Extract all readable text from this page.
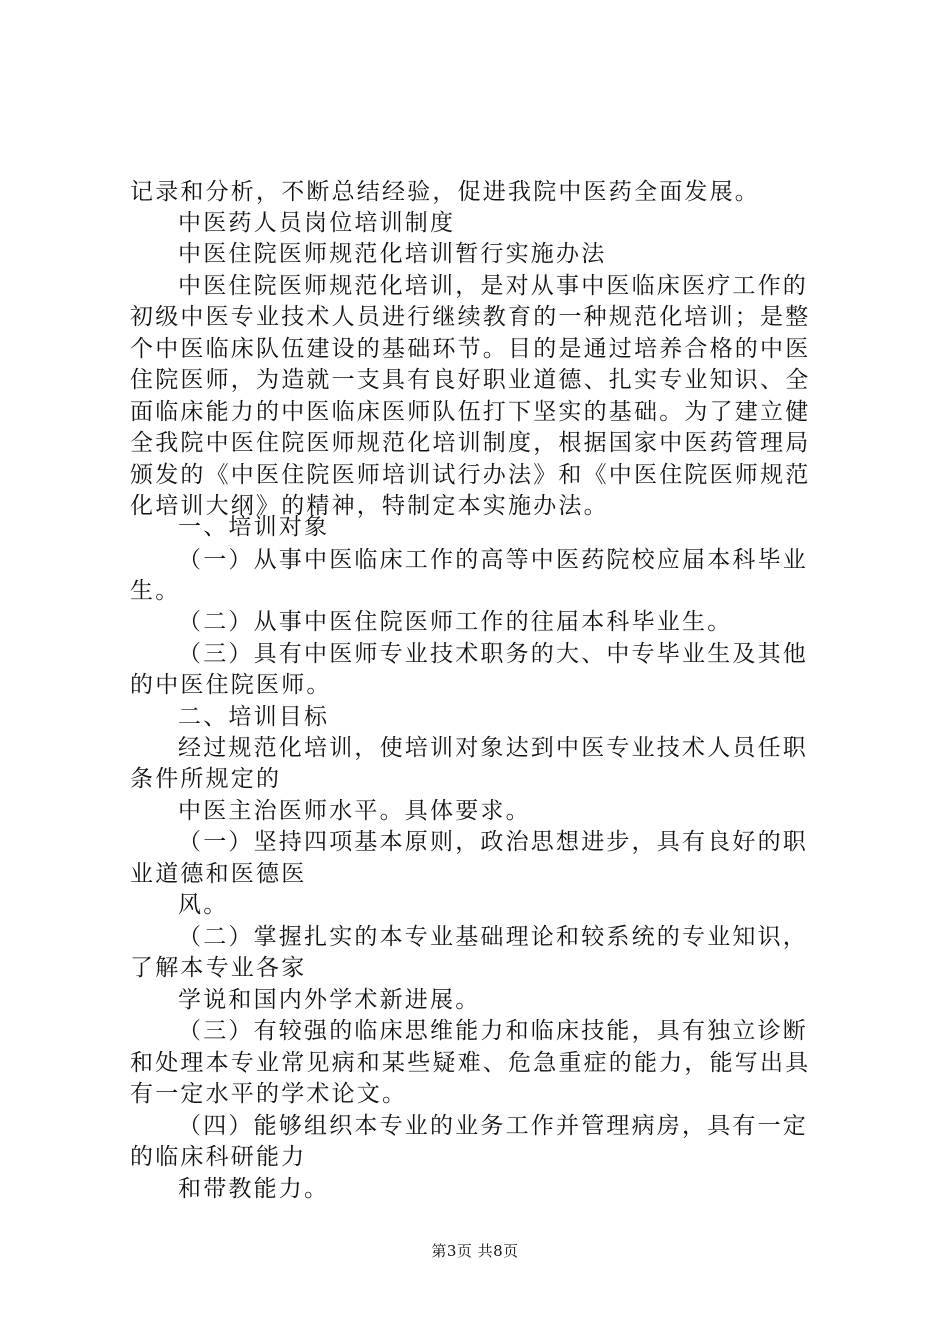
记录和分析，不断总结经验，促进我院中医药全面发展。
中医药人员岗位培训制度
中医住院医师规范化培训暂行实施办法
中医住院医师规范化培训，是对从事中医临床医疗工作的
初级中医专业技术人员进行继续教育的一种规范化培训；是整
个中医临床队伍建设的基础环节。目的是通过培养合格的中医
住院医师，为造就一支具有良好职业道德、扎实专业知识、全
面临床能力的中医临床医师队伍打下坚实的基础。为了建立健
全我院中医住院医师规范化培训制度，根据国家中医药管理局
颁发的《中医住院医师培训试行办法》和《中医住院医师规范
化培训大纲》的精神，特制定本实施办法。
一、培训对象
（一）从事中医临床工作的高等中医药院校应届本科毕业
生。
（二）从事中医住院医师工作的往届本科毕业生。
（三）具有中医师专业技术职务的大、中专毕业生及其他
的中医住院医师。
二、培训目标
经过规范化培训，使培训对象达到中医专业技术人员任职
条件所规定的
中医主治医师水平。具体要求。
（一）坚持四项基本原则，政治思想进步，具有良好的职
业道德和医德医
风。
（二）掌握扎实的本专业基础理论和较系统的专业知识，
了解本专业各家
学说和国内外学术新进展。
（三）有较强的临床思维能力和临床技能，具有独立诊断
和处理本专业常见病和某些疑难、危急重症的能力，能写出具
有一定水平的学术论文。
（四）能够组织本专业的业务工作并管理病房，具有一定
的临床科研能力
和带教能力。
第3页 共8页
